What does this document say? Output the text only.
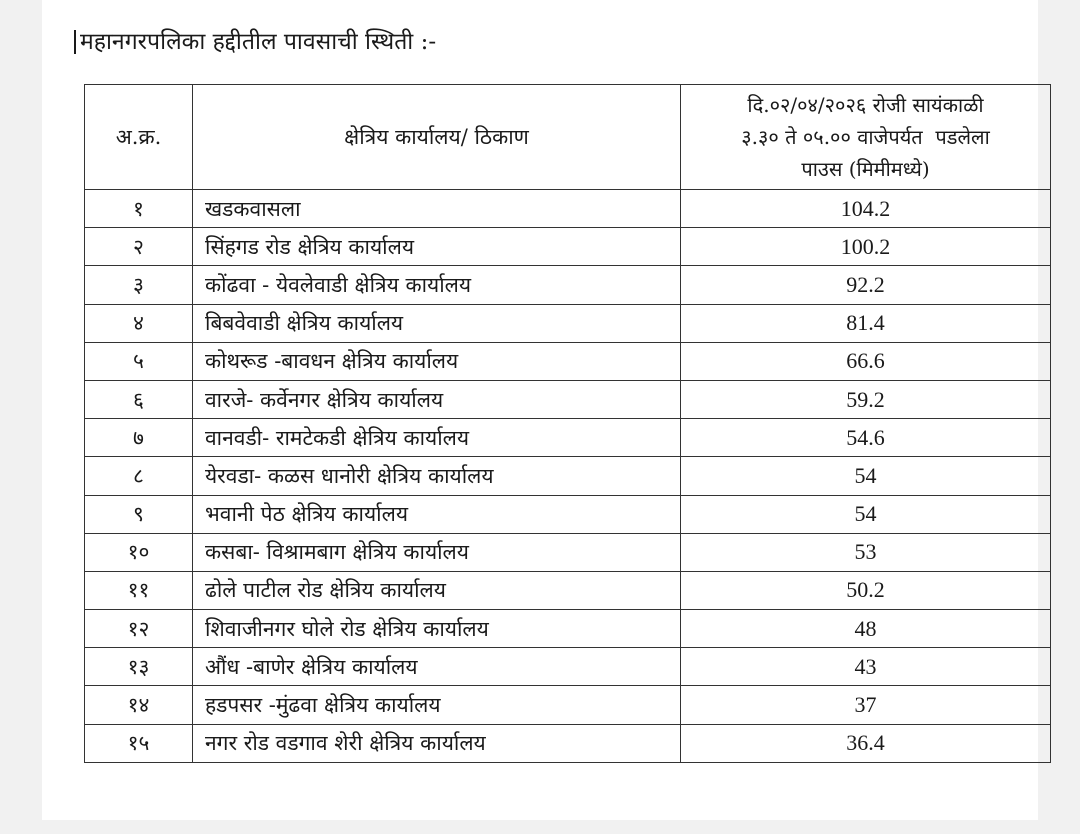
महानगरपलिका हद्दीतील पावसाची स्थिती :-
अ.क्र.	क्षेत्रिय कार्यालय/ ठिकाण	दि.०२/०४/२०२६ रोजी सायंकाळी
३.३० ते ०५.०० वाजेपर्यत  पडलेला
पाउस (मिमीमध्ये)

१	खडकवासला	104.2
२	सिंहगड रोड क्षेत्रिय कार्यालय	100.2
३	कोंढवा - येवलेवाडी क्षेत्रिय कार्यालय	92.2
४	बिबवेवाडी क्षेत्रिय कार्यालय	81.4
५	कोथरूड -बावधन क्षेत्रिय कार्यालय	66.6
६	वारजे- कर्वेनगर क्षेत्रिय कार्यालय	59.2
७	वानवडी- रामटेकडी क्षेत्रिय कार्यालय	54.6
८	येरवडा- कळस धानोरी क्षेत्रिय कार्यालय	54
९	भवानी पेठ क्षेत्रिय कार्यालय	54
१०	कसबा- विश्रामबाग क्षेत्रिय कार्यालय	53
११	ढोले पाटील रोड क्षेत्रिय कार्यालय	50.2
१२	शिवाजीनगर घोले रोड क्षेत्रिय कार्यालय	48
१३	औंध -बाणेर क्षेत्रिय कार्यालय	43
१४	हडपसर -मुंढवा क्षेत्रिय कार्यालय	37
१५	नगर रोड वडगाव शेरी क्षेत्रिय कार्यालय	36.4
